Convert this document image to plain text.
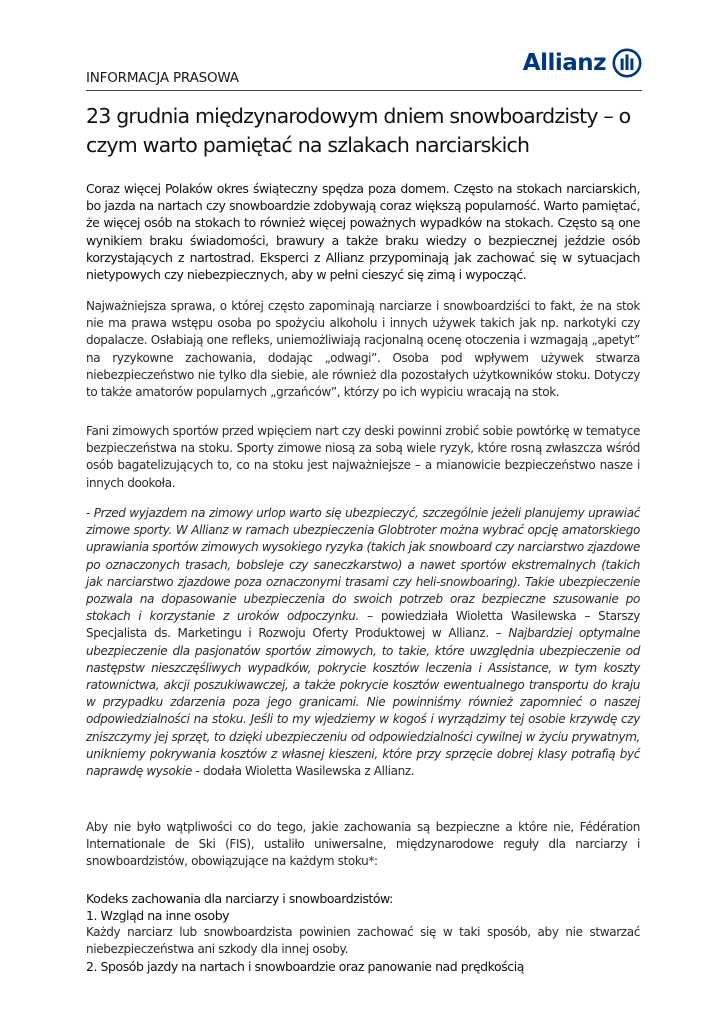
INFORMACJA PRASOWA
Allianz
23 grudnia międzynarodowym dniem snowboardzisty – o czym warto pamiętać na szlakach narciarskich

Coraz więcej Polaków okres świąteczny spędza poza domem. Często na stokach narciarskich, bo jazda na nartach czy snowboardzie zdobywają coraz większą popularność. Warto pamiętać, że więcej osób na stokach to również więcej poważnych wypadków na stokach. Często są one wynikiem braku świadomości, brawury a także braku wiedzy o bezpiecznej jeździe osób korzystających z nartostrad. Eksperci z Allianz przypominają jak zachować się w sytuacjach nietypowych czy niebezpiecznych, aby w pełni cieszyć się zimą i wypocząć.

Najważniejsza sprawa, o której często zapominają narciarze i snowboardziści to fakt, że na stok nie ma prawa wstępu osoba po spożyciu alkoholu i innych używek takich jak np. narkotyki czy dopalacze. Osłabiają one refleks, uniemożliwiają racjonalną ocenę otoczenia i wzmagają „apetyt” na ryzykowne zachowania, dodając „odwagi”. Osoba pod wpływem używek stwarza niebezpieczeństwo nie tylko dla siebie, ale również dla pozostałych użytkowników stoku. Dotyczy to także amatorów popularnych „grzańców”, którzy po ich wypiciu wracają na stok.

Fani zimowych sportów przed wpięciem nart czy deski powinni zrobić sobie powtórkę w tematyce bezpieczeństwa na stoku. Sporty zimowe niosą za sobą wiele ryzyk, które rosną zwłaszcza wśród osób bagatelizujących to, co na stoku jest najważniejsze – a mianowicie bezpieczeństwo nasze i innych dookoła.

- Przed wyjazdem na zimowy urlop warto się ubezpieczyć, szczególnie jeżeli planujemy uprawiać zimowe sporty. W Allianz w ramach ubezpieczenia Globtroter można wybrać opcję amatorskiego uprawiania sportów zimowych wysokiego ryzyka (takich jak snowboard czy narciarstwo zjazdowe po oznaczonych trasach, bobsleje czy saneczkarstwo) a nawet sportów ekstremalnych (takich jak narciarstwo zjazdowe poza oznaczonymi trasami czy heli-snowboaring). Takie ubezpieczenie pozwala na dopasowanie ubezpieczenia do swoich potrzeb oraz bezpieczne szusowanie po stokach i korzystanie z uroków odpoczynku. – powiedziała Wioletta Wasilewska – Starszy Specjalista ds. Marketingu i Rozwoju Oferty Produktowej w Allianz. – Najbardziej optymalne ubezpieczenie dla pasjonatów sportów zimowych, to takie, które uwzględnia ubezpieczenie od następstw nieszczęśliwych wypadków, pokrycie kosztów leczenia i Assistance, w tym koszty ratownictwa, akcji poszukiwawczej, a także pokrycie kosztów ewentualnego transportu do kraju w przypadku zdarzenia poza jego granicami. Nie powinniśmy również zapomnieć o naszej odpowiedzialności na stoku. Jeśli to my wjedziemy w kogoś i wyrządzimy tej osobie krzywdę czy zniszczymy jej sprzęt, to dzięki ubezpieczeniu od odpowiedzialności cywilnej w życiu prywatnym, unikniemy pokrywania kosztów z własnej kieszeni, które przy sprzęcie dobrej klasy potrafią być naprawdę wysokie - dodała Wioletta Wasilewska z Allianz.

Aby nie było wątpliwości co do tego, jakie zachowania są bezpieczne a które nie, Fédération Internationale de Ski (FIS), ustaliło uniwersalne, międzynarodowe reguły dla narciarzy i snowboardzistów, obowiązujące na każdym stoku*:

Kodeks zachowania dla narciarzy i snowboardzistów:
1. Wzgląd na inne osoby
Każdy narciarz lub snowboardzista powinien zachować się w taki sposób, aby nie stwarzać niebezpieczeństwa ani szkody dla innej osoby.
2. Sposób jazdy na nartach i snowboardzie oraz panowanie nad prędkością
